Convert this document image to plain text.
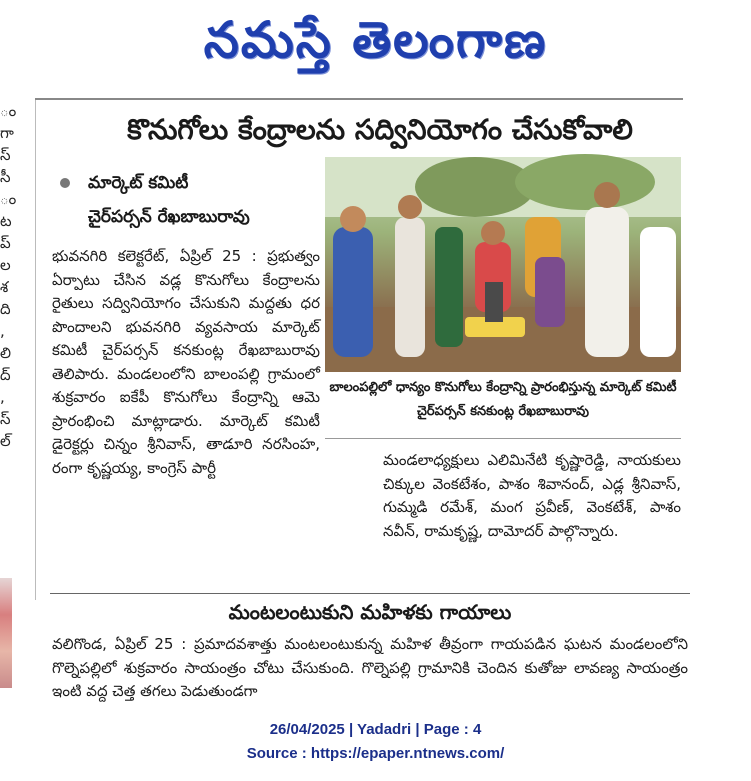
నమస్తే తెలంగాణ
ం గా స్ సీ ం ట ప్ ల శ ది , లి ద్ , స్ ల్
కొనుగోలు కేంద్రాలను సద్వినియోగం చేసుకోవాలి
మార్కెట్ కమిటీ
చైర్‌పర్సన్ రేఖబాబురావు
భువనగిరి కలెక్టరేట్, ఏప్రిల్ 25 : ప్రభుత్వం ఏర్పాటు చేసిన వడ్ల కొనుగోలు కేంద్రాలను రైతులు సద్వినియోగం చేసుకుని మద్దతు ధర పొందాలని భువనగిరి వ్యవసాయ మార్కెట్ కమిటీ చైర్‌పర్సన్ కనకుంట్ల రేఖబాబురావు తెలిపారు. మండలంలోని బాలంపల్లి గ్రామంలో శుక్రవారం ఐకేపీ కొనుగోలు కేంద్రాన్ని ఆమె ప్రారంభించి మాట్లాడారు. మార్కెట్ కమిటీ డైరెక్టర్లు చిన్నం శ్రీనివాస్, తాడూరి నరసింహ, రంగా కృష్ణయ్య, కాంగ్రెస్ పార్టీ
బాలంపల్లిలో ధాన్యం కొనుగోలు కేంద్రాన్ని ప్రారంభిస్తున్న మార్కెట్ కమిటీ చైర్‌పర్సన్ కనకుంట్ల రేఖబాబురావు
మండలాధ్యక్షులు ఎలిమినేటి కృష్ణారెడ్డి, నాయకులు చిక్కుల వెంకటేశం, పాశం శివానంద్, ఎడ్ల శ్రీనివాస్, గుమ్మడి రమేశ్, మంగ ప్రవీణ్, వెంకటేశ్, పాశం నవీన్, రామకృష్ణ, దామోదర్ పాల్గొన్నారు.
మంటలంటుకుని మహిళకు గాయాలు
వలిగొండ, ఏప్రిల్ 25 : ప్రమాదవశాత్తు మంటలంటుకున్న మహిళ తీవ్రంగా గాయపడిన ఘటన మండలంలోని గొల్నెపల్లిలో శుక్రవారం సాయంత్రం చోటు చేసుకుంది. గొల్నెపల్లి గ్రామానికి చెందిన కుతోజు లావణ్య సాయంత్రం ఇంటి వద్ద చెత్త తగలు పెడుతుండగా
26/04/2025 | Yadadri | Page : 4
Source : https://epaper.ntnews.com/
